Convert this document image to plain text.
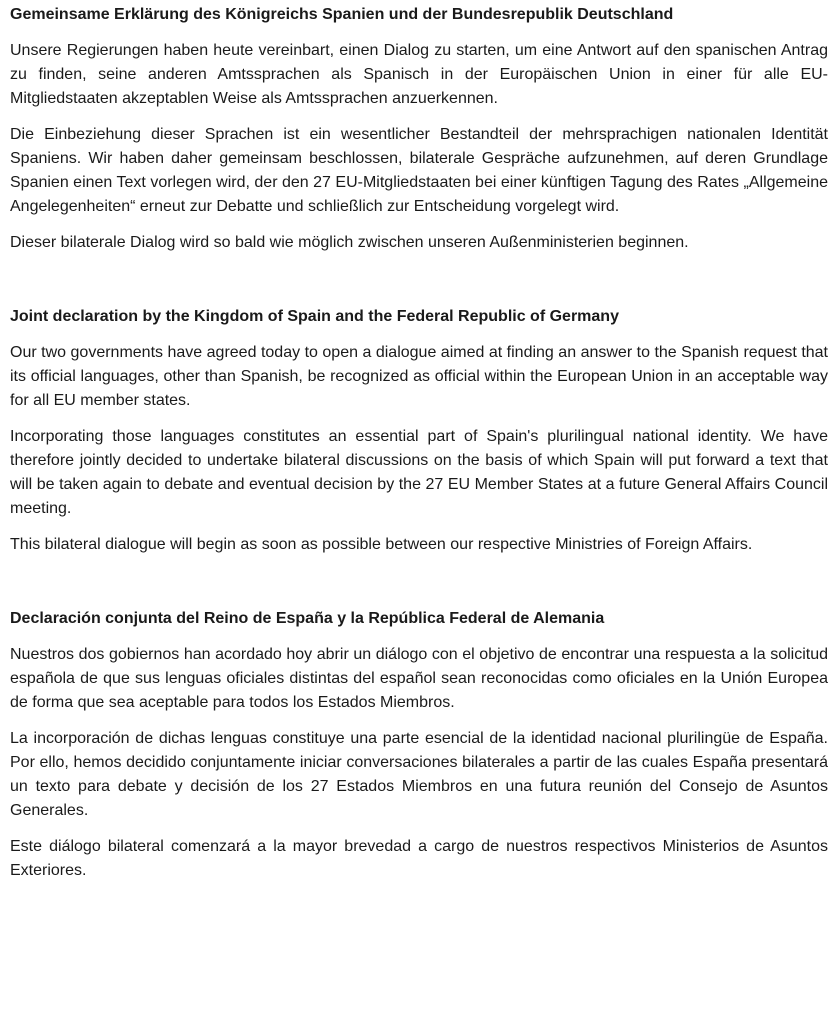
Gemeinsame Erklärung des Königreichs Spanien und der Bundesrepublik Deutschland

Unsere Regierungen haben heute vereinbart, einen Dialog zu starten, um eine Antwort auf den spanischen Antrag zu finden, seine anderen Amtssprachen als Spanisch in der Europäischen Union in einer für alle EU-Mitgliedstaaten akzeptablen Weise als Amtssprachen anzuerkennen.

Die Einbeziehung dieser Sprachen ist ein wesentlicher Bestandteil der mehrsprachigen nationalen Identität Spaniens. Wir haben daher gemeinsam beschlossen, bilaterale Gespräche aufzunehmen, auf deren Grundlage Spanien einen Text vorlegen wird, der den 27 EU-Mitgliedstaaten bei einer künftigen Tagung des Rates „Allgemeine Angelegenheiten“ erneut zur Debatte und schließlich zur Entscheidung vorgelegt wird.

Dieser bilaterale Dialog wird so bald wie möglich zwischen unseren Außenministerien beginnen.

Joint declaration by the Kingdom of Spain and the Federal Republic of Germany

Our two governments have agreed today to open a dialogue aimed at finding an answer to the Spanish request that its official languages, other than Spanish, be recognized as official within the European Union in an acceptable way for all EU member states.

Incorporating those languages constitutes an essential part of Spain's plurilingual national identity. We have therefore jointly decided to undertake bilateral discussions on the basis of which Spain will put forward a text that will be taken again to debate and eventual decision by the 27 EU Member States at a future General Affairs Council meeting.

This bilateral dialogue will begin as soon as possible between our respective Ministries of Foreign Affairs.

Declaración conjunta del Reino de España y la República Federal de Alemania

Nuestros dos gobiernos han acordado hoy abrir un diálogo con el objetivo de encontrar una respuesta a la solicitud española de que sus lenguas oficiales distintas del español sean reconocidas como oficiales en la Unión Europea de forma que sea aceptable para todos los Estados Miembros.

La incorporación de dichas lenguas constituye una parte esencial de la identidad nacional plurilingüe de España. Por ello, hemos decidido conjuntamente iniciar conversaciones bilaterales a partir de las cuales España presentará un texto para debate y decisión de los 27 Estados Miembros en una futura reunión del Consejo de Asuntos Generales.

Este diálogo bilateral comenzará a la mayor brevedad a cargo de nuestros respectivos Ministerios de Asuntos Exteriores.
